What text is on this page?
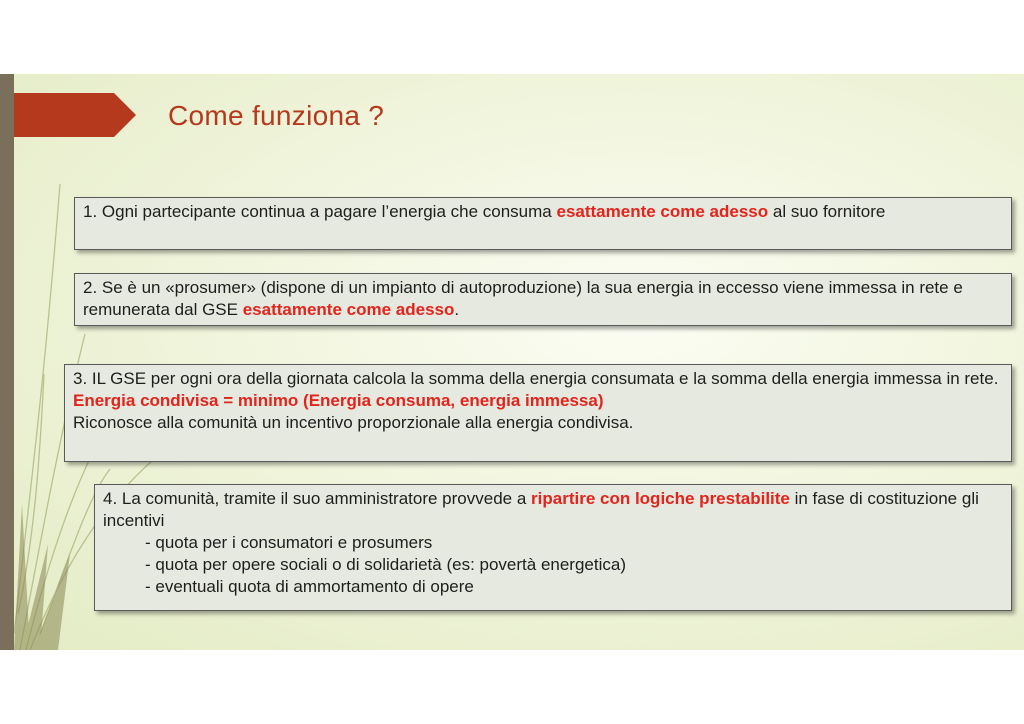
Come funziona ?
1. Ogni partecipante continua a pagare l’energia che consuma esattamente come adesso al suo fornitore
2. Se è un «prosumer» (dispone di un impianto di autoproduzione) la sua energia in eccesso viene immessa in rete e remunerata dal GSE esattamente come adesso.
3. IL GSE per ogni ora della giornata calcola la somma della energia consumata e la somma della energia immessa in rete.
Energia condivisa = minimo (Energia consuma, energia immessa)
Riconosce alla comunità un incentivo proporzionale alla energia condivisa.
4. La comunità, tramite il suo amministratore provvede a ripartire con logiche prestabilite in fase di costituzione gli incentivi
- quota per i consumatori e prosumers
- quota per opere sociali o di solidarietà (es: povertà energetica)
- eventuali quota di ammortamento di opere
